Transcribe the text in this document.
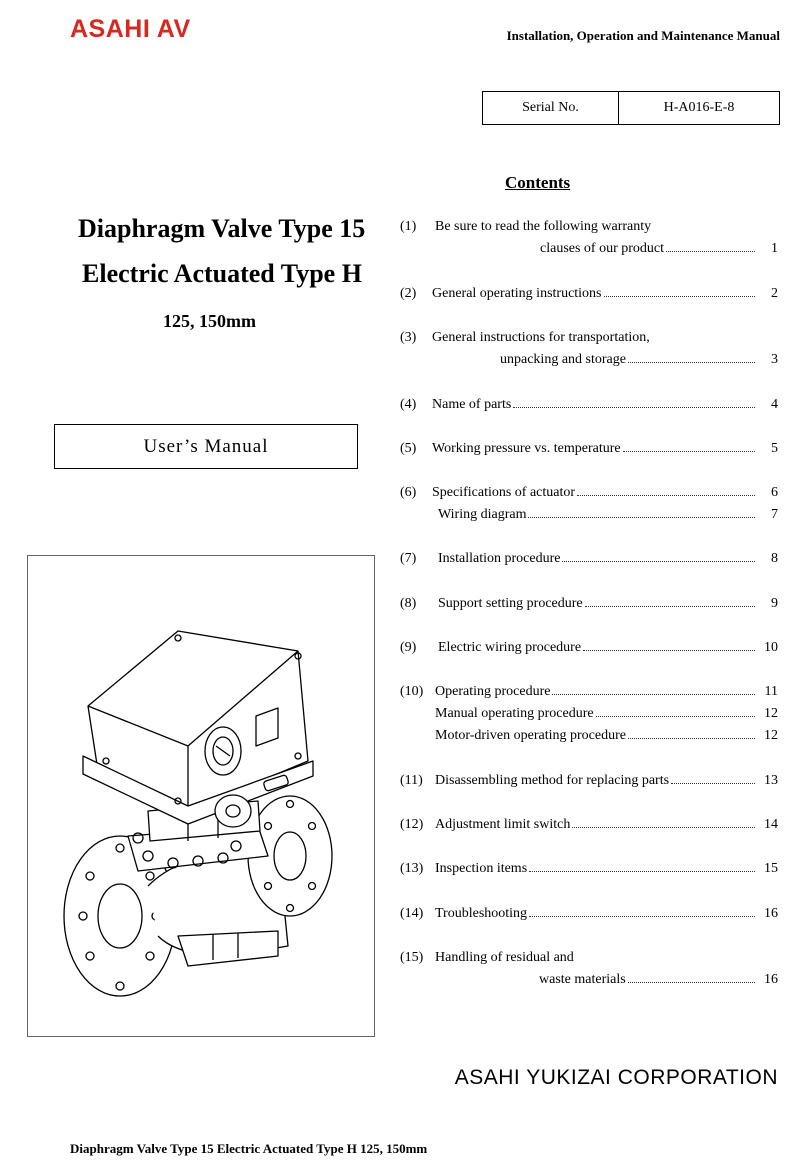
ASAHI AV	Installation, Operation and Maintenance Manual
Serial No.	H-A016-E-8
Contents
Diaphragm Valve Type 15
Electric Actuated Type H
125, 150mm
User’s Manual
(1)	Be sure to read the following warranty
clauses of our product	1
(2)	General operating instructions	2
(3)	General instructions for transportation,
unpacking and storage	3
(4)	Name of parts	4
(5)	Working pressure vs. temperature	5
(6)	Specifications of actuator	6
Wiring diagram	7
(7)	Installation procedure	8
(8)	Support setting procedure	9
(9)	Electric wiring procedure	10
(10) Operating procedure	11
Manual operating procedure	12
Motor-driven operating procedure	12
(11) Disassembling method for replacing parts	13
(12) Adjustment limit switch	14
(13) Inspection items	15
(14) Troubleshooting	16
(15) Handling of residual and
waste materials	16
ASAHI YUKIZAI CORPORATION
Diaphragm Valve Type 15 Electric Actuated Type H 125, 150mm
